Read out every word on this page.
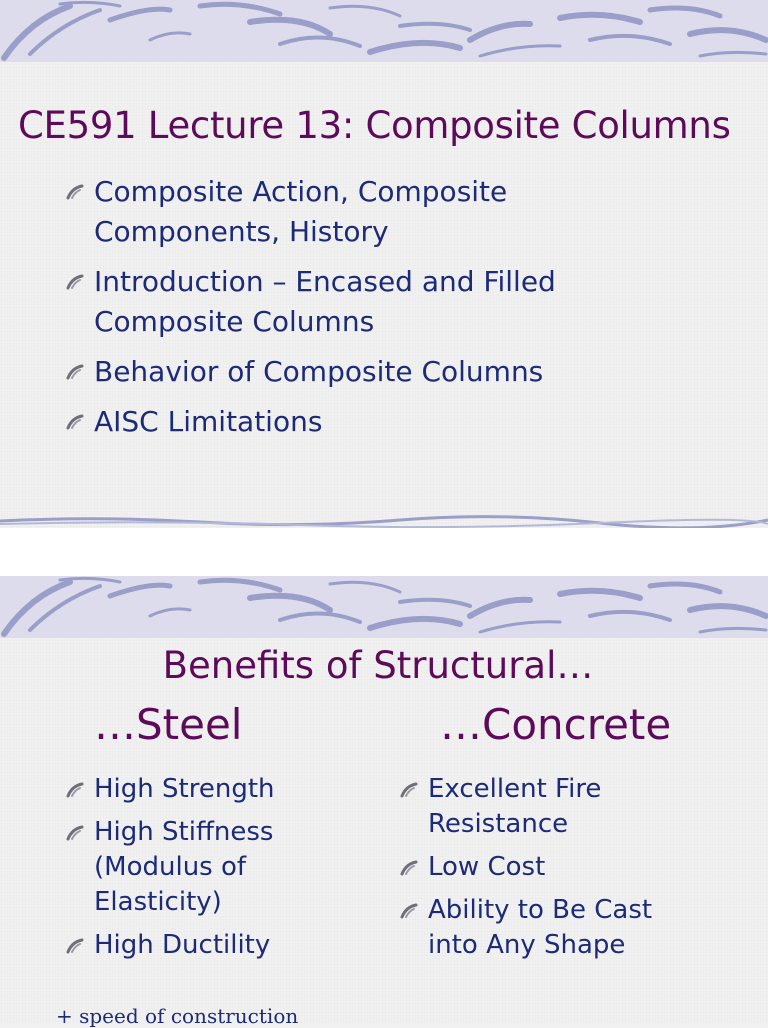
CE591 Lecture 13: Composite Columns
Composite Action, Composite Components, History
Introduction – Encased and Filled Composite Columns
Behavior of Composite Columns
AISC Limitations
Benefits of Structural…
…Steel	…Concrete
High Strength
High Stiffness (Modulus of Elasticity)
High Ductility
Excellent Fire Resistance
Low Cost
Ability to Be Cast into Any Shape
+ speed of construction
